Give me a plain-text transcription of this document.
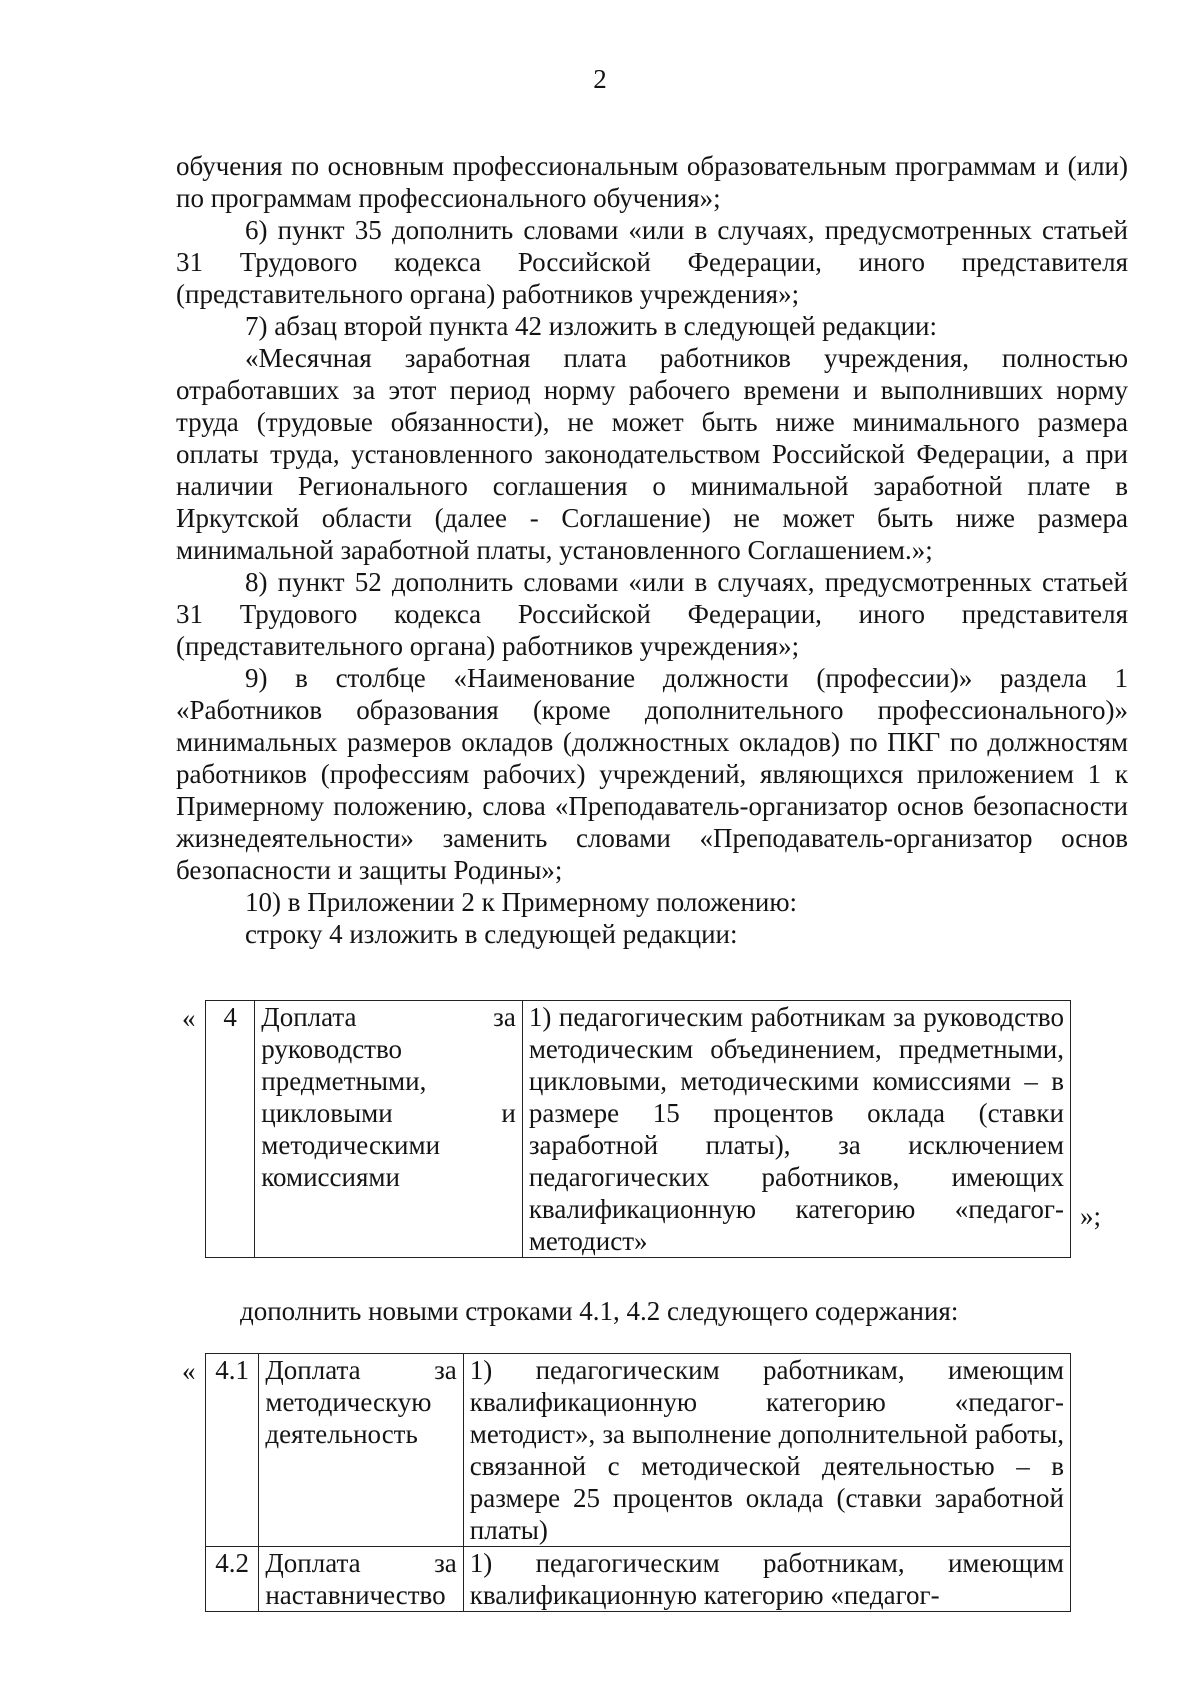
2

обучения по основным профессиональным образовательным программам и (или) по программам профессионального обучения»;

6) пункт 35 дополнить словами «или в случаях, предусмотренных статьей 31 Трудового кодекса Российской Федерации, иного представителя (представительного органа) работников учреждения»;

7) абзац второй пункта 42 изложить в следующей редакции:

«Месячная заработная плата работников учреждения, полностью отработавших за этот период норму рабочего времени и выполнивших норму труда (трудовые обязанности), не может быть ниже минимального размера оплаты труда, установленного законодательством Российской Федерации, а при наличии Регионального соглашения о минимальной заработной плате в Иркутской области (далее - Соглашение) не может быть ниже размера минимальной заработной платы, установленного Соглашением.»;

8) пункт 52 дополнить словами «или в случаях, предусмотренных статьей 31 Трудового кодекса Российской Федерации, иного представителя (представительного органа) работников учреждения»;

9) в столбце «Наименование должности (профессии)» раздела 1 «Работников образования (кроме дополнительного профессионального)» минимальных размеров окладов (должностных окладов) по ПКГ по должностям работников (профессиям рабочих) учреждений, являющихся приложением 1 к Примерному положению, слова «Преподаватель-организатор основ безопасности жизнедеятельности» заменить словами «Преподаватель-организатор основ безопасности и защиты Родины»;

10) в Приложении 2 к Примерному положению:

строку 4 изложить в следующей редакции:

« 4	Доплата за руководство предметными, цикловыми и методическими комиссиями	1) педагогическим работникам за руководство методическим объединением, предметными, цикловыми, методическими комиссиями – в размере 15 процентов оклада (ставки заработной платы), за исключением педагогических работников, имеющих квалификационную категорию «педагог-методист»
»;
дополнить новыми строками 4.1, 4.2 следующего содержания:
« 4.1	Доплата за методическую деятельность	1) педагогическим работникам, имеющим квалификационную категорию «педагог-методист», за выполнение дополнительной работы, связанной с методической деятельностью – в размере 25 процентов оклада (ставки заработной платы)
4.2	Доплата за наставничество	1) педагогическим работникам, имеющим квалификационную категорию «педагог-
